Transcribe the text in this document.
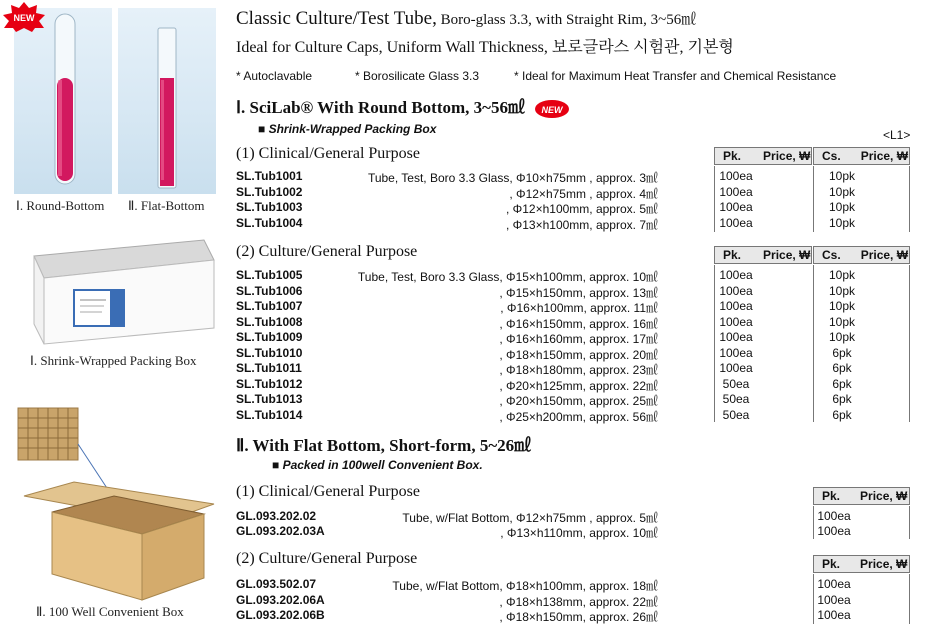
NEW
Ⅰ. Round-Bottom Ⅱ. Flat-Bottom
Ⅰ. Shrink-Wrapped Packing Box
Ⅱ. 100 Well Convenient Box
Classic Culture/Test Tube, Boro-glass 3.3, with Straight Rim, 3~56㎖
Ideal for Culture Caps, Uniform Wall Thickness, 보로글라스 시험관, 기본형
* Autoclavable	* Borosilicate Glass 3.3	* Ideal for Maximum Heat Transfer and Chemical Resistance
Ⅰ. SciLab® With Round Bottom, 3~56㎖ NEW
■ Shrink-Wrapped Packing Box	<L1>
(1) Clinical/General Purpose	Pk. Price, ₩ Cs. Price, ₩
SL.Tub1001	Tube, Test, Boro 3.3 Glass, Φ10×h75mm , approx. 3㎖	100ea	10pk
SL.Tub1002	, Φ12×h75mm , approx. 4㎖	100ea	10pk
SL.Tub1003	, Φ12×h100mm, approx. 5㎖	100ea	10pk
SL.Tub1004	, Φ13×h100mm, approx. 7㎖	100ea	10pk
(2) Culture/General Purpose	Pk. Price, ₩ Cs. Price, ₩
SL.Tub1005	Tube, Test, Boro 3.3 Glass, Φ15×h100mm, approx. 10㎖	100ea	10pk
SL.Tub1006	, Φ15×h150mm, approx. 13㎖	100ea	10pk
SL.Tub1007	, Φ16×h100mm, approx. 11㎖	100ea	10pk
SL.Tub1008	, Φ16×h150mm, approx. 16㎖	100ea	10pk
SL.Tub1009	, Φ16×h160mm, approx. 17㎖	100ea	10pk
SL.Tub1010	, Φ18×h150mm, approx. 20㎖	100ea	6pk
SL.Tub1011	, Φ18×h180mm, approx. 23㎖	100ea	6pk
SL.Tub1012	, Φ20×h125mm, approx. 22㎖	50ea	6pk
SL.Tub1013	, Φ20×h150mm, approx. 25㎖	50ea	6pk
SL.Tub1014	, Φ25×h200mm, approx. 56㎖	50ea	6pk
Ⅱ. With Flat Bottom, Short-form, 5~26㎖
■ Packed in 100well Convenient Box.
(1) Clinical/General Purpose	Pk. Price, ₩
GL.093.202.02	Tube, w/Flat Bottom, Φ12×h75mm , approx. 5㎖	100ea
GL.093.202.03A	, Φ13×h110mm, approx. 10㎖	100ea
(2) Culture/General Purpose	Pk. Price, ₩
GL.093.502.07	Tube, w/Flat Bottom, Φ18×h100mm, approx. 18㎖	100ea
GL.093.202.06A	, Φ18×h138mm, approx. 22㎖	100ea
GL.093.202.06B	, Φ18×h150mm, approx. 26㎖	100ea
